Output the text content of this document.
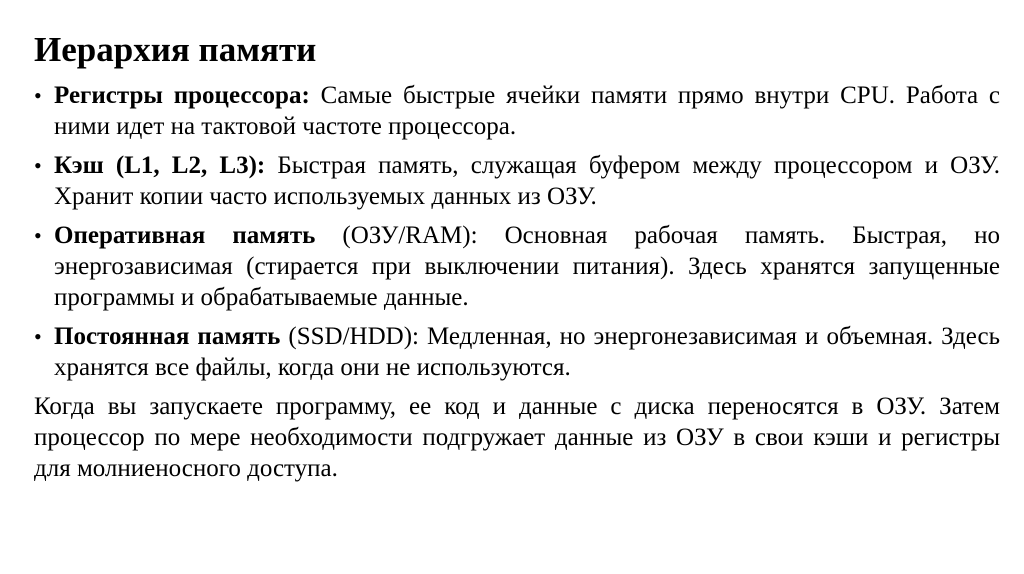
Иерархия памяти
• Регистры процессора: Самые быстрые ячейки памяти прямо внутри CPU. Работа с ними идет на тактовой частоте процессора.
• Кэш (L1, L2, L3): Быстрая память, служащая буфером между процессором и ОЗУ. Хранит копии часто используемых данных из ОЗУ.
• Оперативная память (ОЗУ/RAM): Основная рабочая память. Быстрая, но энергозависимая (стирается при выключении питания). Здесь хранятся запущенные программы и обрабатываемые данные.
• Постоянная память (SSD/HDD): Медленная, но энергонезависимая и объемная. Здесь хранятся все файлы, когда они не используются.

Когда вы запускаете программу, ее код и данные с диска переносятся в ОЗУ. Затем процессор по мере необходимости подгружает данные из ОЗУ в свои кэши и регистры для молниеносного доступа.
